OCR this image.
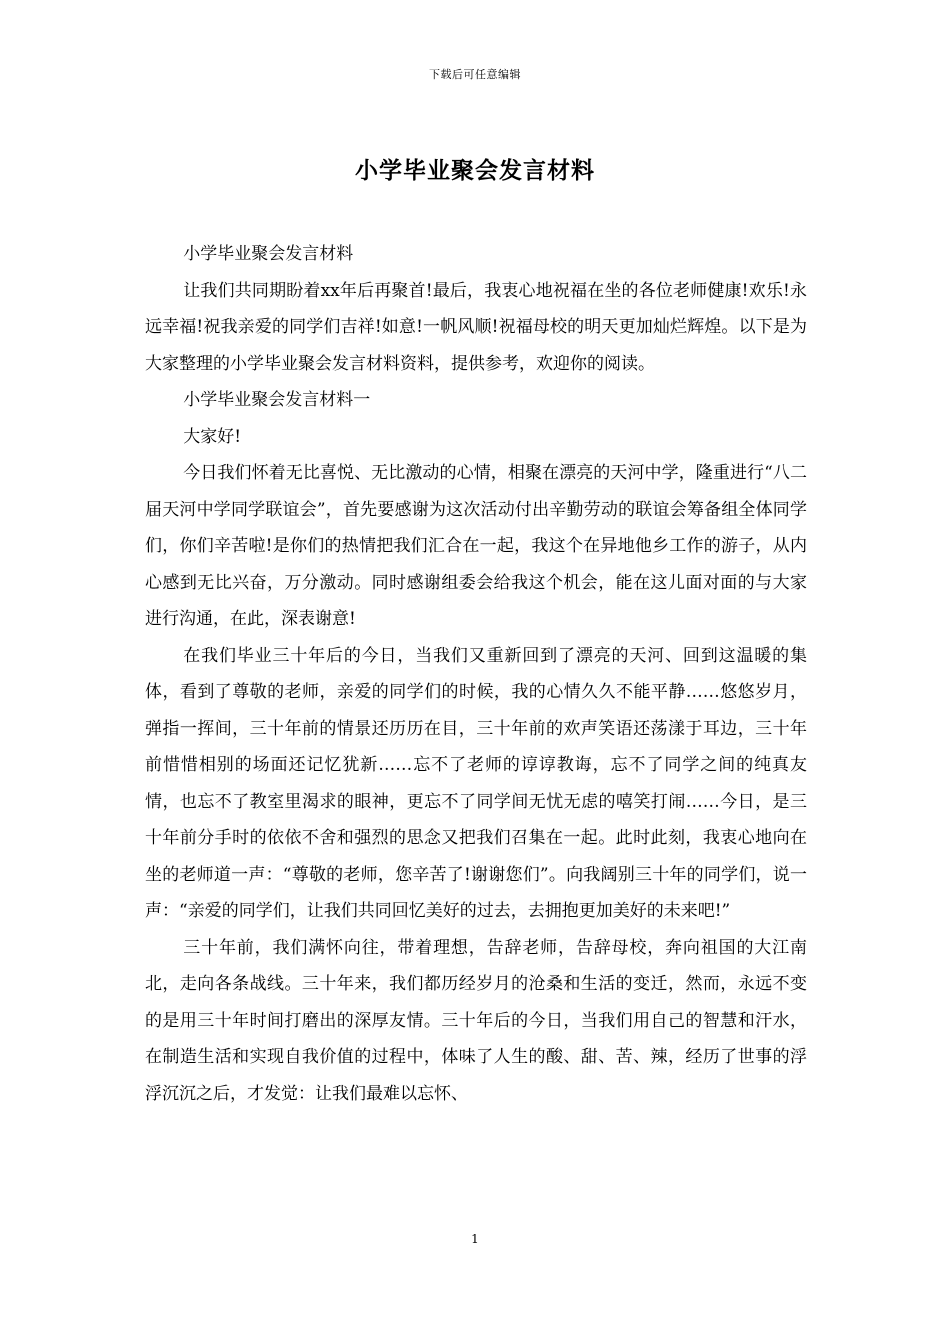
下载后可任意编辑
小学毕业聚会发言材料

小学毕业聚会发言材料

让我们共同期盼着xx年后再聚首!最后，我衷心地祝福在坐的各位老师健康!欢乐!永远幸福!祝我亲爱的同学们吉祥!如意!一帆风顺!祝福母校的明天更加灿烂辉煌。以下是为大家整理的小学毕业聚会发言材料资料，提供参考，欢迎你的阅读。

小学毕业聚会发言材料一

大家好!

今日我们怀着无比喜悦、无比激动的心情，相聚在漂亮的天河中学，隆重进行“八二届天河中学同学联谊会”，首先要感谢为这次活动付出辛勤劳动的联谊会筹备组全体同学们，你们辛苦啦!是你们的热情把我们汇合在一起，我这个在异地他乡工作的游子，从内心感到无比兴奋，万分激动。同时感谢组委会给我这个机会，能在这儿面对面的与大家进行沟通，在此，深表谢意!

在我们毕业三十年后的今日，当我们又重新回到了漂亮的天河、回到这温暖的集体，看到了尊敬的老师，亲爱的同学们的时候，我的心情久久不能平静……悠悠岁月，弹指一挥间，三十年前的情景还历历在目，三十年前的欢声笑语还荡漾于耳边，三十年前惜惜相别的场面还记忆犹新……忘不了老师的谆谆教诲，忘不了同学之间的纯真友情，也忘不了教室里渴求的眼神，更忘不了同学间无忧无虑的嘻笑打闹……今日，是三十年前分手时的依依不舍和强烈的思念又把我们召集在一起。此时此刻，我衷心地向在坐的老师道一声：“尊敬的老师，您辛苦了!谢谢您们”。向我阔别三十年的同学们，说一声：“亲爱的同学们，让我们共同回忆美好的过去，去拥抱更加美好的未来吧!”

三十年前，我们满怀向往，带着理想，告辞老师，告辞母校，奔向祖国的大江南北，走向各条战线。三十年来，我们都历经岁月的沧桑和生活的变迁，然而，永远不变的是用三十年时间打磨出的深厚友情。三十年后的今日，当我们用自己的智慧和汗水，在制造生活和实现自我价值的过程中，体味了人生的酸、甜、苦、辣，经历了世事的浮浮沉沉之后，才发觉：让我们最难以忘怀、

1
